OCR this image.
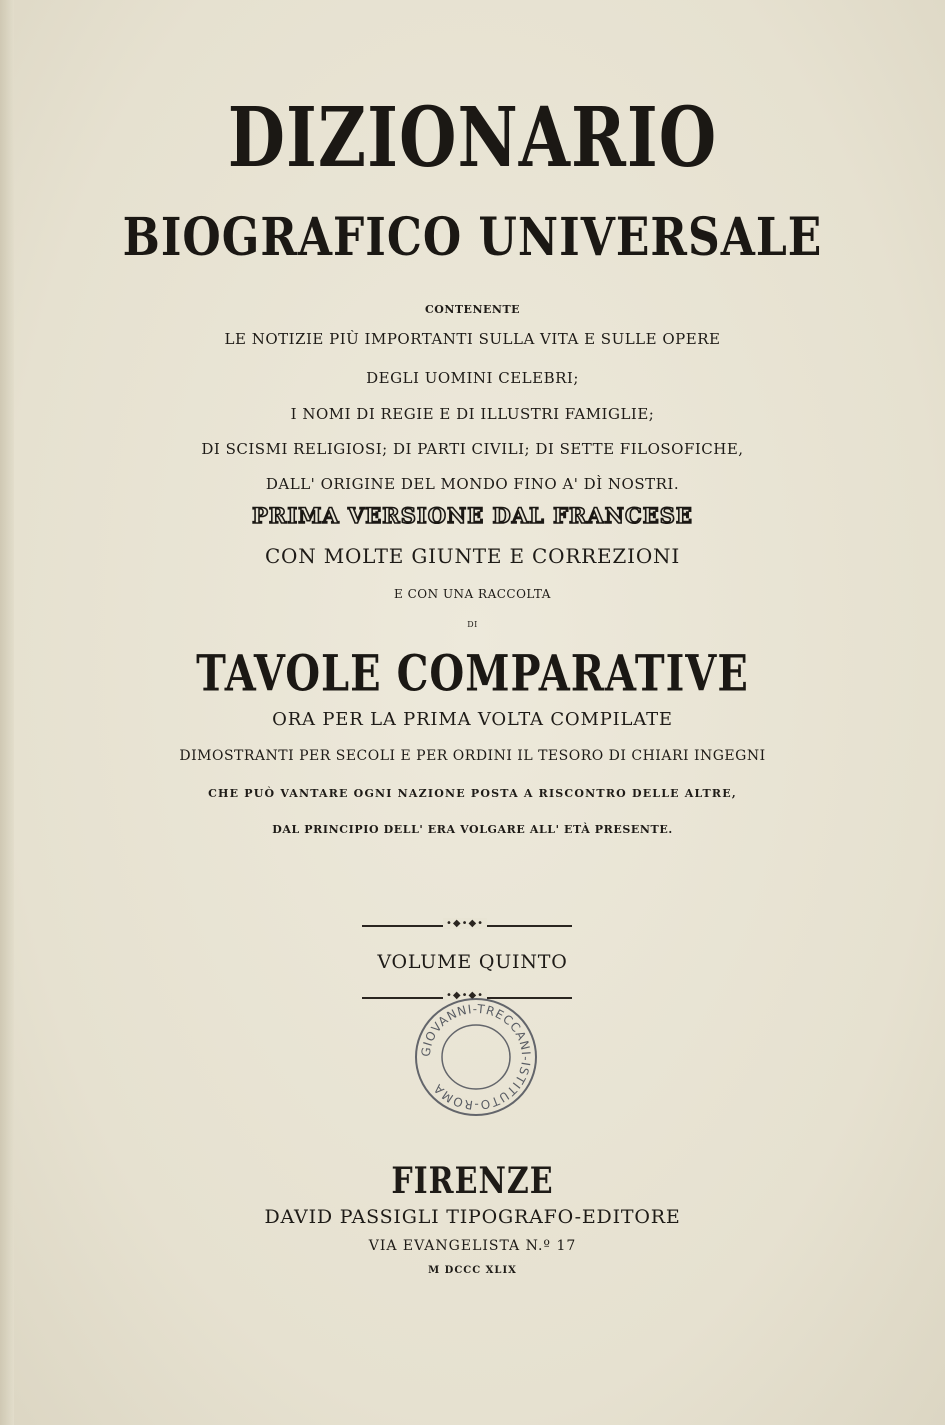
DIZIONARIO

BIOGRAFICO UNIVERSALE

CONTENENTE

LE NOTIZIE PIÙ IMPORTANTI SULLA VITA E SULLE OPERE

DEGLI UOMINI CELEBRI;

I NOMI DI REGIE E DI ILLUSTRI FAMIGLIE;

DI SCISMI RELIGIOSI; DI PARTI CIVILI; DI SETTE FILOSOFICHE,

DALL' ORIGINE DEL MONDO FINO A' DÌ NOSTRI.

PRIMA VERSIONE DAL FRANCESE

CON MOLTE GIUNTE E CORREZIONI

E CON UNA RACCOLTA

DI

TAVOLE COMPARATIVE

ORA PER LA PRIMA VOLTA COMPILATE

DIMOSTRANTI PER SECOLI E PER ORDINI IL TESORO DI CHIARI INGEGNI

CHE PUÒ VANTARE OGNI NAZIONE POSTA A RISCONTRO DELLE ALTRE,

DAL PRINCIPIO DELL' ERA VOLGARE ALL' ETÀ PRESENTE.

•◆•◆•

VOLUME QUINTO

•◆•◆•
GIOVANNI-TRECCANI-ISTITUTO-ROMA

FIRENZE

DAVID PASSIGLI TIPOGRAFO-EDITORE

VIA EVANGELISTA N.º 17

M DCCC XLIX
